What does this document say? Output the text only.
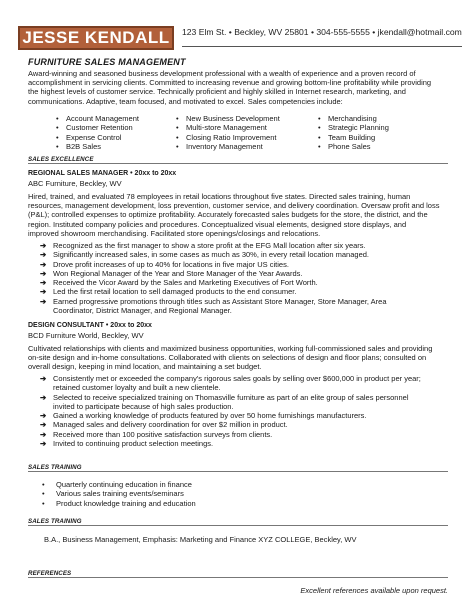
JESSE KENDALL	123 Elm St. • Beckley, WV 25801 • 304-555-5555 • jkendall@hotmail.com
FURNITURE SALES MANAGEMENT
Award-winning and seasoned business development professional with a wealth of experience and a proven record of
accomplishment in servicing clients. Committed to increasing revenue and growing bottom-line profitability while providing
the highest levels of customer service. Technically proficient and highly skilled in Internet research, marketing, and
communications. Adaptive, team focused, and motivated to excel. Sales competencies include:
• Account Management
• Customer Retention
• Expense Control
• B2B Sales
• New Business Development
• Multi-store Management
• Closing Ratio Improvement
• Inventory Management
• Merchandising
• Strategic Planning
• Team Building
• Phone Sales
SALES EXCELLENCE
REGIONAL SALES MANAGER • 20xx to 20xx
ABC Furniture, Beckley, WV
Hired, trained, and evaluated 78 employees in retail locations throughout five states. Directed sales training, human
resources, management development, loss prevention, customer service, and delivery coordination. Oversaw profit and loss
(P&L); controlled expenses to optimize profitability. Accurately forecasted sales budgets for the store, the district, and the
region. Instituted company policies and procedures. Conceptualized visual elements, designed store displays, and
improved showroom merchandising. Facilitated store openings/closings and relocations.
➔ Recognized as the first manager to show a store profit at the EFG Mall location after six years.
➔ Significantly increased sales, in some cases as much as 30%, in every retail location managed.
➔ Drove profit increases of up to 40% for locations in five major US cities.
➔ Won Regional Manager of the Year and Store Manager of the Year Awards.
➔ Received the Vicor Award by the Sales and Marketing Executives of Fort Worth.
➔ Led the first retail location to sell damaged products to the end consumer.
➔ Earned progressive promotions through titles such as Assistant Store Manager, Store Manager, Area
Coordinator, District Manager, and Regional Manager.
DESIGN CONSULTANT • 20xx to 20xx
BCD Furniture World, Beckley, WV
Cultivated relationships with clients and maximized business opportunities, working full-commissioned sales and providing
on-site design and in-home consultations. Collaborated with clients on selections of design and floor plans; consulted on
overall design, keeping in mind location, and maintaining a set budget.
➔ Consistently met or exceeded the company's rigorous sales goals by selling over $600,000 in product per year;
retained customer loyalty and built a new clientele.
➔ Selected to receive specialized training on Thomasville furniture as part of an elite group of sales personnel
invited to participate because of high sales production.
➔ Gained a working knowledge of products featured by over 50 home furnishings manufacturers.
➔ Managed sales and delivery coordination for over $2 million in product.
➔ Received more than 100 positive satisfaction surveys from clients.
➔ Invited to continuing product selection meetings.
SALES TRAINING
• Quarterly continuing education in finance
• Various sales training events/seminars
• Product knowledge training and education
SALES TRAINING
B.A., Business Management, Emphasis: Marketing and Finance XYZ COLLEGE, Beckley, WV
REFERENCES
Excellent references available upon request.
